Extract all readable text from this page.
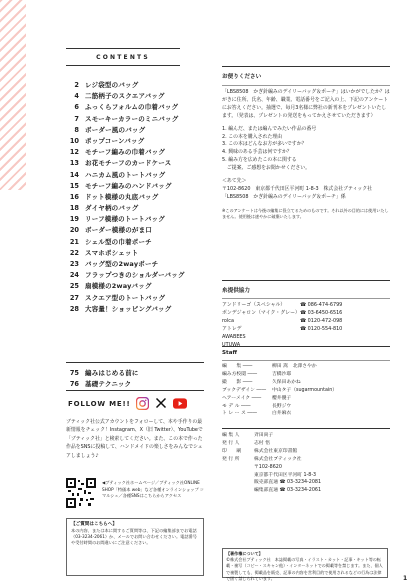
CONTENTS
2 レジ袋型のバッグ
4 二筋柄子のスクエアバッグ
6 ふっくらフォルムの巾着バッグ
7 スモーキーカラーのミニバッグ
8 ボーダー風のバッグ
10 ポップコーンバッグ
12 モチーフ編みの巾着バッグ
13 お花モチーフのカードケース
14 ハニカム風のトートバッグ
15 モチーフ編みのハンドバッグ
16 ドット模様の丸底バッグ
18 ダイヤ柄のバッグ
19 リーフ模様のトートバッグ
20 ボーダー模様のがま口
21 シェル型の巾着ポーチ
22 スマホポシェット
23 バッグ型の2wayポーチ
24 フラップつきのショルダーバッグ
25 扇模様の2wayバッグ
27 スクエア型のトートバッグ
28 大容量！ショッピングバッグ
75 編みはじめる前に
76 基礎テクニック
FOLLOW ME!!
ブティック社公式アカウントをフォローして、本や手作りの最新情報をチェック！Instagram、X（旧 Twitter）、YouTubeで「ブティック社」と検索してください。また、この本で作った作品をSNSに投稿して、ハンドメイドの楽しさをみんなでシェアしましょう♪
◀ブティック社ホームページ／ブティック社ONLINE SHOP「特価本 web」など各種オンラインショップ ☞ マルシェ／各種SNSはこちらからアクセス
【ご質問はこちらへ】
本の内容、または本に関するご質問等は、下記の編集部までお電話（03-3234-2061）か、メールでお問い合わせください。電話番号や受付時間のお間違いにご注意ください。
お便りください
「LBS8508　かぎ針編みのデイリーバッグ＆ポーチ」はいかがでしたか？はがきに住所、氏名、年齢、職業、電話番号をご記入の上、下記のアンケートにお答えください。抽選で、毎月3名様に弊社の新刊本をプレゼントいたします。（発表は、プレゼントの発送をもってかえさせていただきます）
1. 編んだ、または編んでみたい作品の番号
2. この本を購入された理由
3. この本はどんなお方が多いですか？
4. 興味のある手芸は何ですか？
5. 編み方を広めたこの本に関する
　ご提案、ご感想をお聞かせください。
＜あて先＞
〒102-8620　東京都千代田区平河町 1-8-3　株式会社ブティック社　「LBS8508　かぎ針編みのデイリーバッグ＆ポーチ」係
※このアンケートは今後の編集に役立てるためのものです。それ以外の目的には使用いたしません。使用後は速やかに破棄いたします。
糸提供協力
アンドリーゴ（スペシャル）	☎ 086-474-6799
ボンデジャロン（マイク・グレー） ☎ 03-6450-6516
rolca	☎ 0120-472-098
アトレデ	☎ 0120-554-810
AWABEES
Staff
編　　集 ――	柳田 嵩　北澤さやか
編み方校閲 ――	吉橋沙耶
撮　　影 ――	久保田あかね
ブックデザイン ――	中山タ子（sugarmountain）
ヘアーメイク ――	櫻井優子
モ デ ル ――	長野ジウ
ト レ ー ス ――	白井麻衣
編 集 人	斉田尚子
発 行 人	志村 悟
印　　刷	株式会社東京印書館
発 行 所	株式会社ブティック社
〒102-8620
東京都千代田区平河町 1-8-3
販売部直通 ☎ 03-3234-2081
編集部直通 ☎ 03-3234-2061
【著作権について】
©株式会社ブティック社　本誌掲載の写真・イラスト・カット・記事・キット等の転載・複写（コピー・スキャン他）・インターネットでの掲載等を禁じます。また、個人で複製しても、掲載品を販売、記事の内容を営利目的で使用されるなどの行為は法律で固く禁じられています。	1
